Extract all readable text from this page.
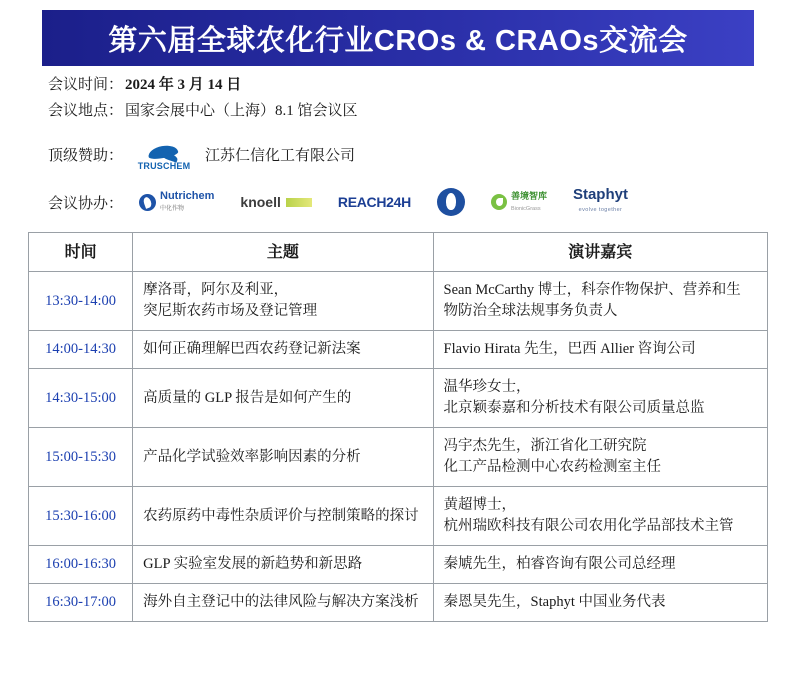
第六届全球农化行业CROs & CRAOs交流会
会议时间： 2024 年 3 月 14 日
会议地点： 国家会展中心（上海）8.1 馆会议区
顶级赞助：
TRUSCHEM
江苏仁信化工有限公司
会议协办：	Nutrichem
中化作物	knoell	REACH24H	善境智库
BionicGrass
Staphyt
evolve together
时间	主题	演讲嘉宾
13:30-14:00	摩洛哥，阿尔及利亚，
突尼斯农药市场及登记管理	Sean McCarthy 博士，科奈作物保护、营养和生
物防治全球法规事务负责人

14:00-14:30	如何正确理解巴西农药登记新法案	Flavio Hirata 先生，巴西 Allier 咨询公司

14:30-15:00	高质量的 GLP 报告是如何产生的	温华珍女士，
北京颖泰嘉和分析技术有限公司质量总监

15:00-15:30	产品化学试验效率影响因素的分析	冯宇杰先生，浙江省化工研究院
化工产品检测中心农药检测室主任

15:30-16:00	农药原药中毒性杂质评价与控制策略的探讨	黄超博士，
杭州瑞欧科技有限公司农用化学品部技术主管

16:00-16:30	GLP 实验室发展的新趋势和新思路	秦虓先生，柏睿咨询有限公司总经理

16:30-17:00	海外自主登记中的法律风险与解决方案浅析	秦恩昊先生，Staphyt 中国业务代表
